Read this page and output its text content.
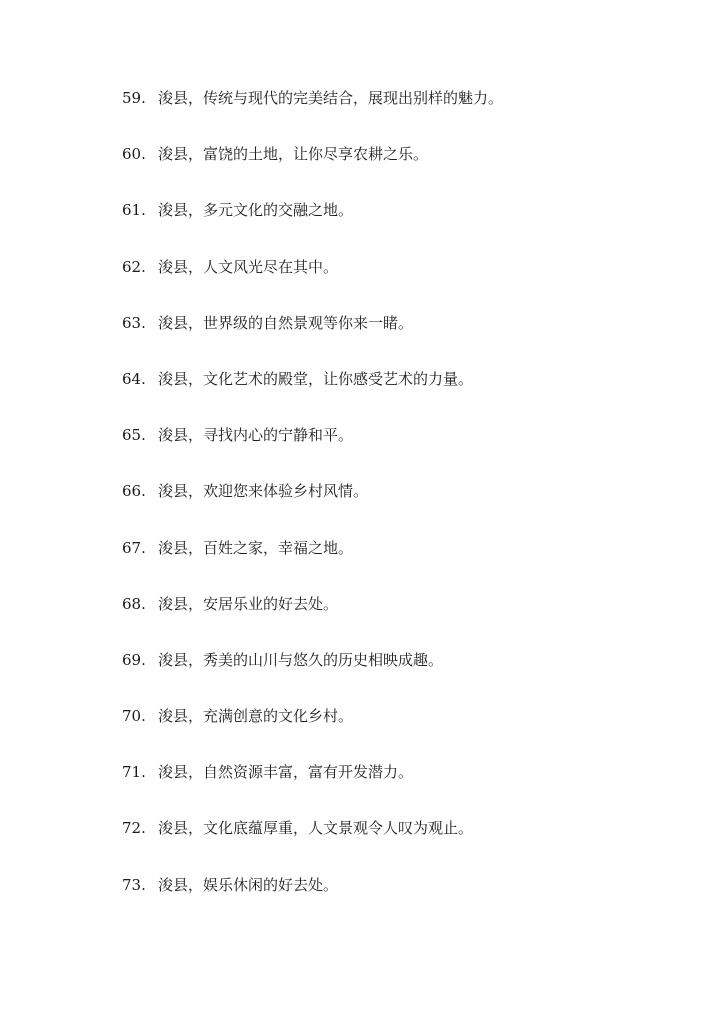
59. 浚县，传统与现代的完美结合，展现出别样的魅力。
60. 浚县，富饶的土地，让你尽享农耕之乐。
61. 浚县，多元文化的交融之地。
62. 浚县，人文风光尽在其中。
63. 浚县，世界级的自然景观等你来一睹。
64. 浚县，文化艺术的殿堂，让你感受艺术的力量。
65. 浚县，寻找内心的宁静和平。
66. 浚县，欢迎您来体验乡村风情。
67. 浚县，百姓之家，幸福之地。
68. 浚县，安居乐业的好去处。
69. 浚县，秀美的山川与悠久的历史相映成趣。
70. 浚县，充满创意的文化乡村。
71. 浚县，自然资源丰富，富有开发潜力。
72. 浚县，文化底蕴厚重，人文景观令人叹为观止。
73. 浚县，娱乐休闲的好去处。
